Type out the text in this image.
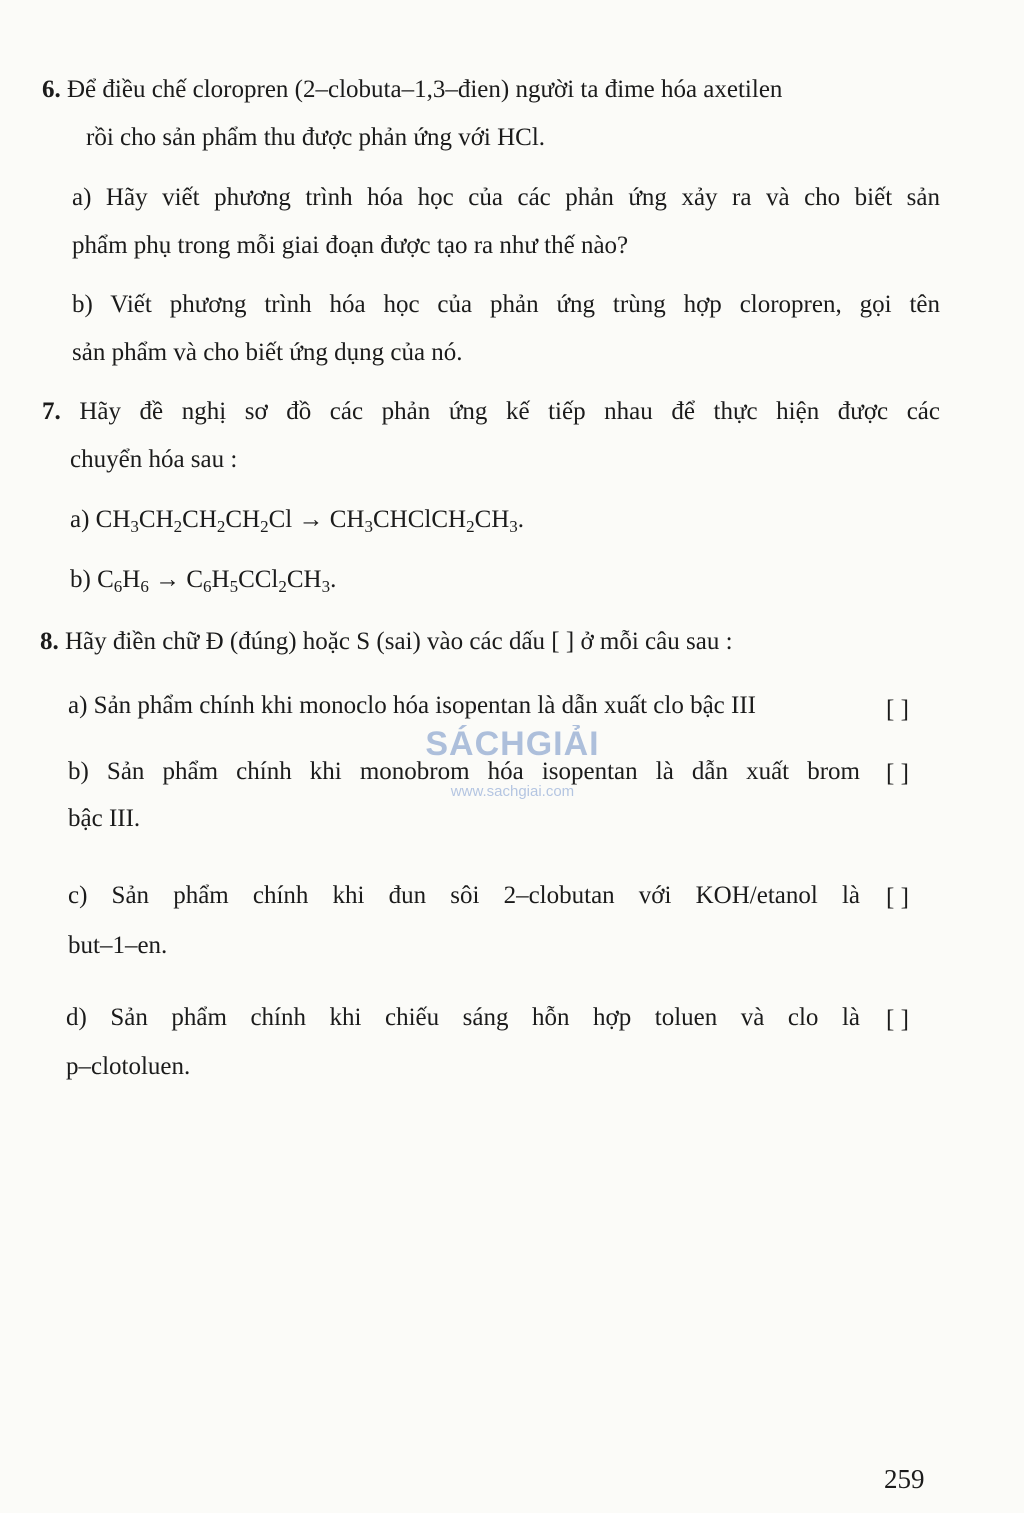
6. Để điều chế cloropren (2–clobuta–1,3–đien) người ta đime hóa axetilen
rồi cho sản phẩm thu được phản ứng với HCl.
a) Hãy viết phương trình hóa học của các phản ứng xảy ra và cho biết sản
phẩm phụ trong mỗi giai đoạn được tạo ra như thế nào?
b) Viết phương trình hóa học của phản ứng trùng hợp cloropren, gọi tên
sản phẩm và cho biết ứng dụng của nó.
7. Hãy đề nghị sơ đồ các phản ứng kế tiếp nhau để thực hiện được các
chuyển hóa sau :
a) $CH_3CH_2CH_2CH_2Cl$ → $CH_3CHClCH_2CH_3$.
b) $C_6H_6 \to C_6H_5CCl_2CH_3$.
8. Hãy điền chữ Đ (đúng) hoặc S (sai) vào các dấu [ ] ở mỗi câu sau :
a) Sản phẩm chính khi monoclo hóa isopentan là dẫn xuất clo bậc III	[ ]
b) Sản phẩm chính khi monobrom hóa isopentan là dẫn xuất brom [ ]
bậc III.
c) Sản phẩm chính khi đun sôi 2–clobutan với KOH/etanol là [ ]
but–1–en.
d) Sản phẩm chính khi chiếu sáng hỗn hợp toluen và clo là [ ]
p–clotoluen.
SÁCHGIẢI
www.sachgiai.com
259
